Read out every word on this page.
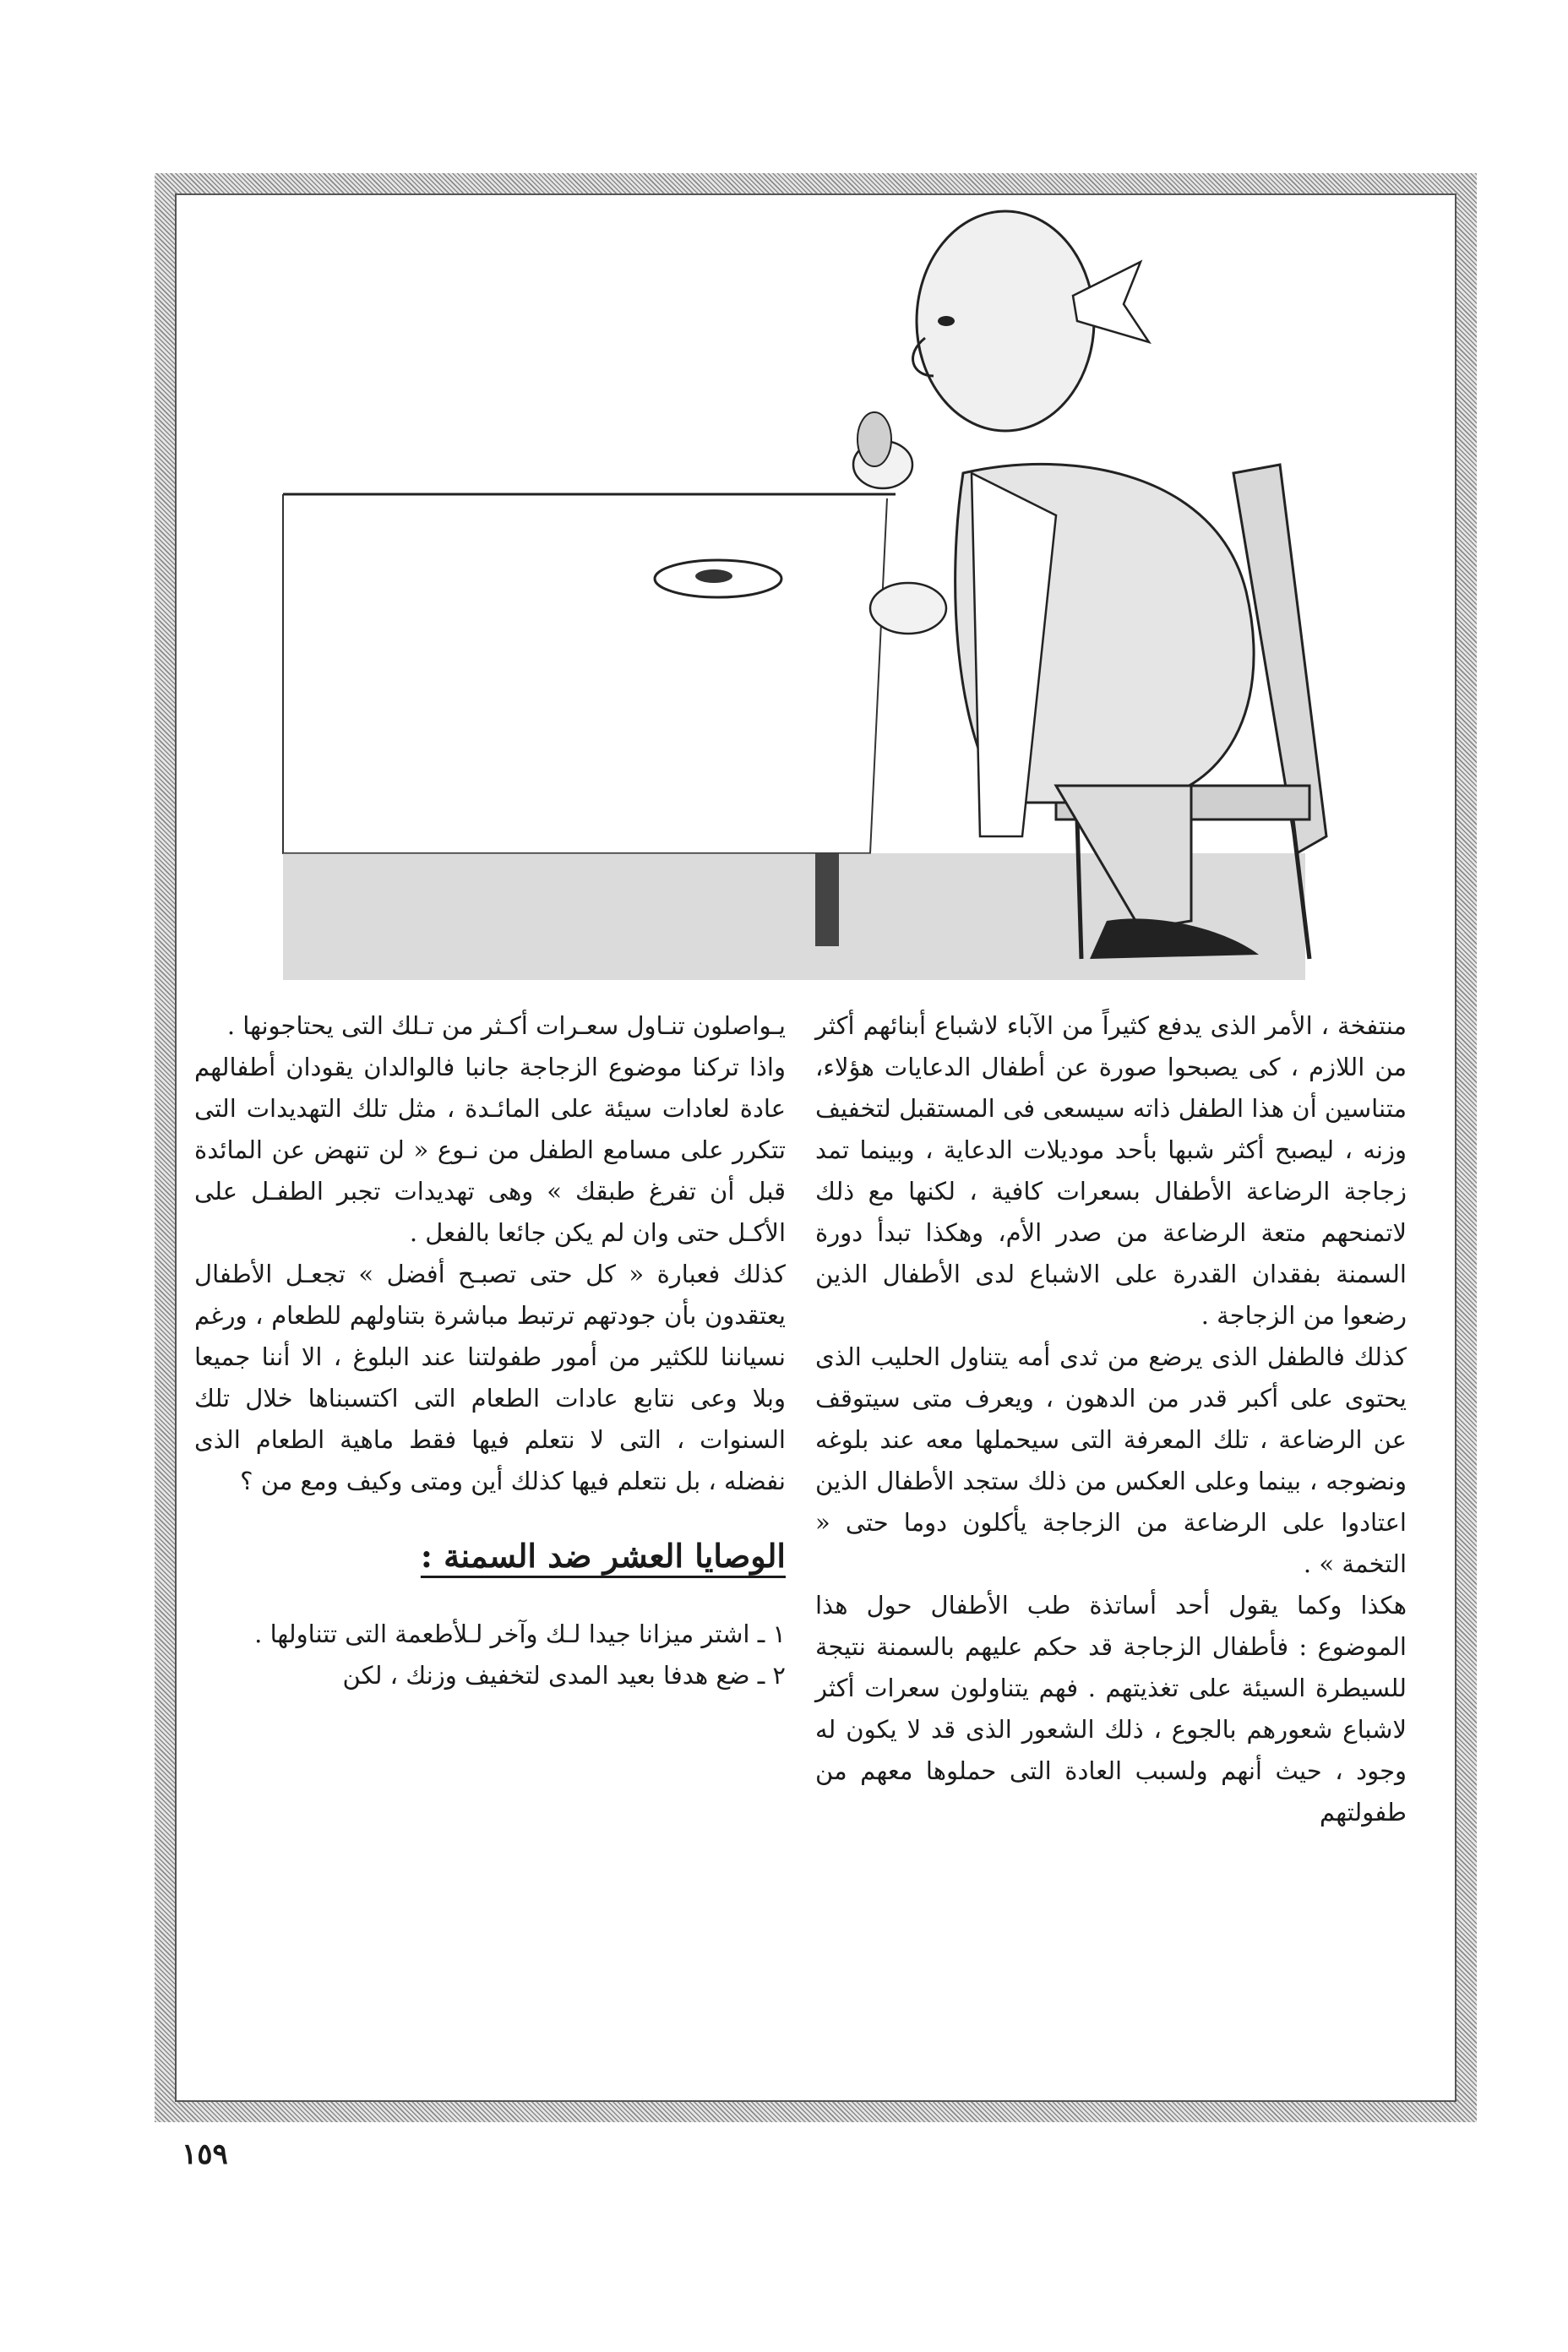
منتفخة ، الأمر الذى يدفع كثيراً من الآباء لاشباع أبنائهم أكثر من اللازم ، كى يصبحوا صورة عن أطفال الدعايات هؤلاء، متناسين أن هذا الطفل ذاته سيسعى فى المستقبل لتخفيف وزنه ، ليصبح أكثر شبها بأحد موديلات الدعاية ، وبينما تمد زجاجة الرضاعة الأطفال بسعرات كافية ، لكنها مع ذلك لاتمنحهم متعة الرضاعة من صدر الأم، وهكذا تبدأ دورة السمنة بفقدان القدرة على الاشباع لدى الأطفال الذين رضعوا من الزجاجة .

كذلك فالطفل الذى يرضع من ثدى أمه يتناول الحليب الذى يحتوى على أكبر قدر من الدهون ، ويعرف متى سيتوقف عن الرضاعة ، تلك المعرفة التى سيحملها معه عند بلوغه ونضوجه ، بينما وعلى العكس من ذلك ستجد الأطفال الذين اعتادوا على الرضاعة من الزجاجة يأكلون دوما حتى « التخمة » .

هكذا وكما يقول أحد أساتذة طب الأطفال حول هذا الموضوع : فأطفال الزجاجة قد حكم عليهم بالسمنة نتيجة للسيطرة السيئة على تغذيتهم . فهم يتناولون سعرات أكثر لاشباع شعورهم بالجوع ، ذلك الشعور الذى قد لا يكون له وجود ، حيث أنهم ولسبب العادة التى حملوها معهم من طفولتهم

يـواصلون تنـاول سعـرات أكـثر من تـلك التى يحتاجونها .

واذا تركنا موضوع الزجاجة جانبا فالوالدان يقودان أطفالهم عادة لعادات سيئة على المائـدة ، مثل تلك التهديدات التى تتكرر على مسامع الطفل من نـوع « لن تنهض عن المائدة قبل أن تفرغ طبقك » وهى تهديدات تجبر الطفـل على الأكـل حتى وان لم يكن جائعا بالفعل .

كذلك فعبارة « كل حتى تصبـح أفضل » تجعـل الأطفال يعتقدون بأن جودتهم ترتبط مباشرة بتناولهم للطعام ، ورغم نسياننا للكثير من أمور طفولتنا عند البلوغ ، الا أننا جميعا وبلا وعى نتابع عادات الطعام التى اكتسبناها خلال تلك السنوات ، التى لا نتعلم فيها فقط ماهية الطعام الذى نفضله ، بل نتعلم فيها كذلك أين ومتى وكيف ومع من ؟

الوصايا العشر ضد السمنة :

١ ـ اشتر ميزانا جيدا لـك وآخر لـلأطعمة التى تتناولها .

٢ ـ ضع هدفا بعيد المدى لتخفيف وزنك ، لكن

١٥٩
